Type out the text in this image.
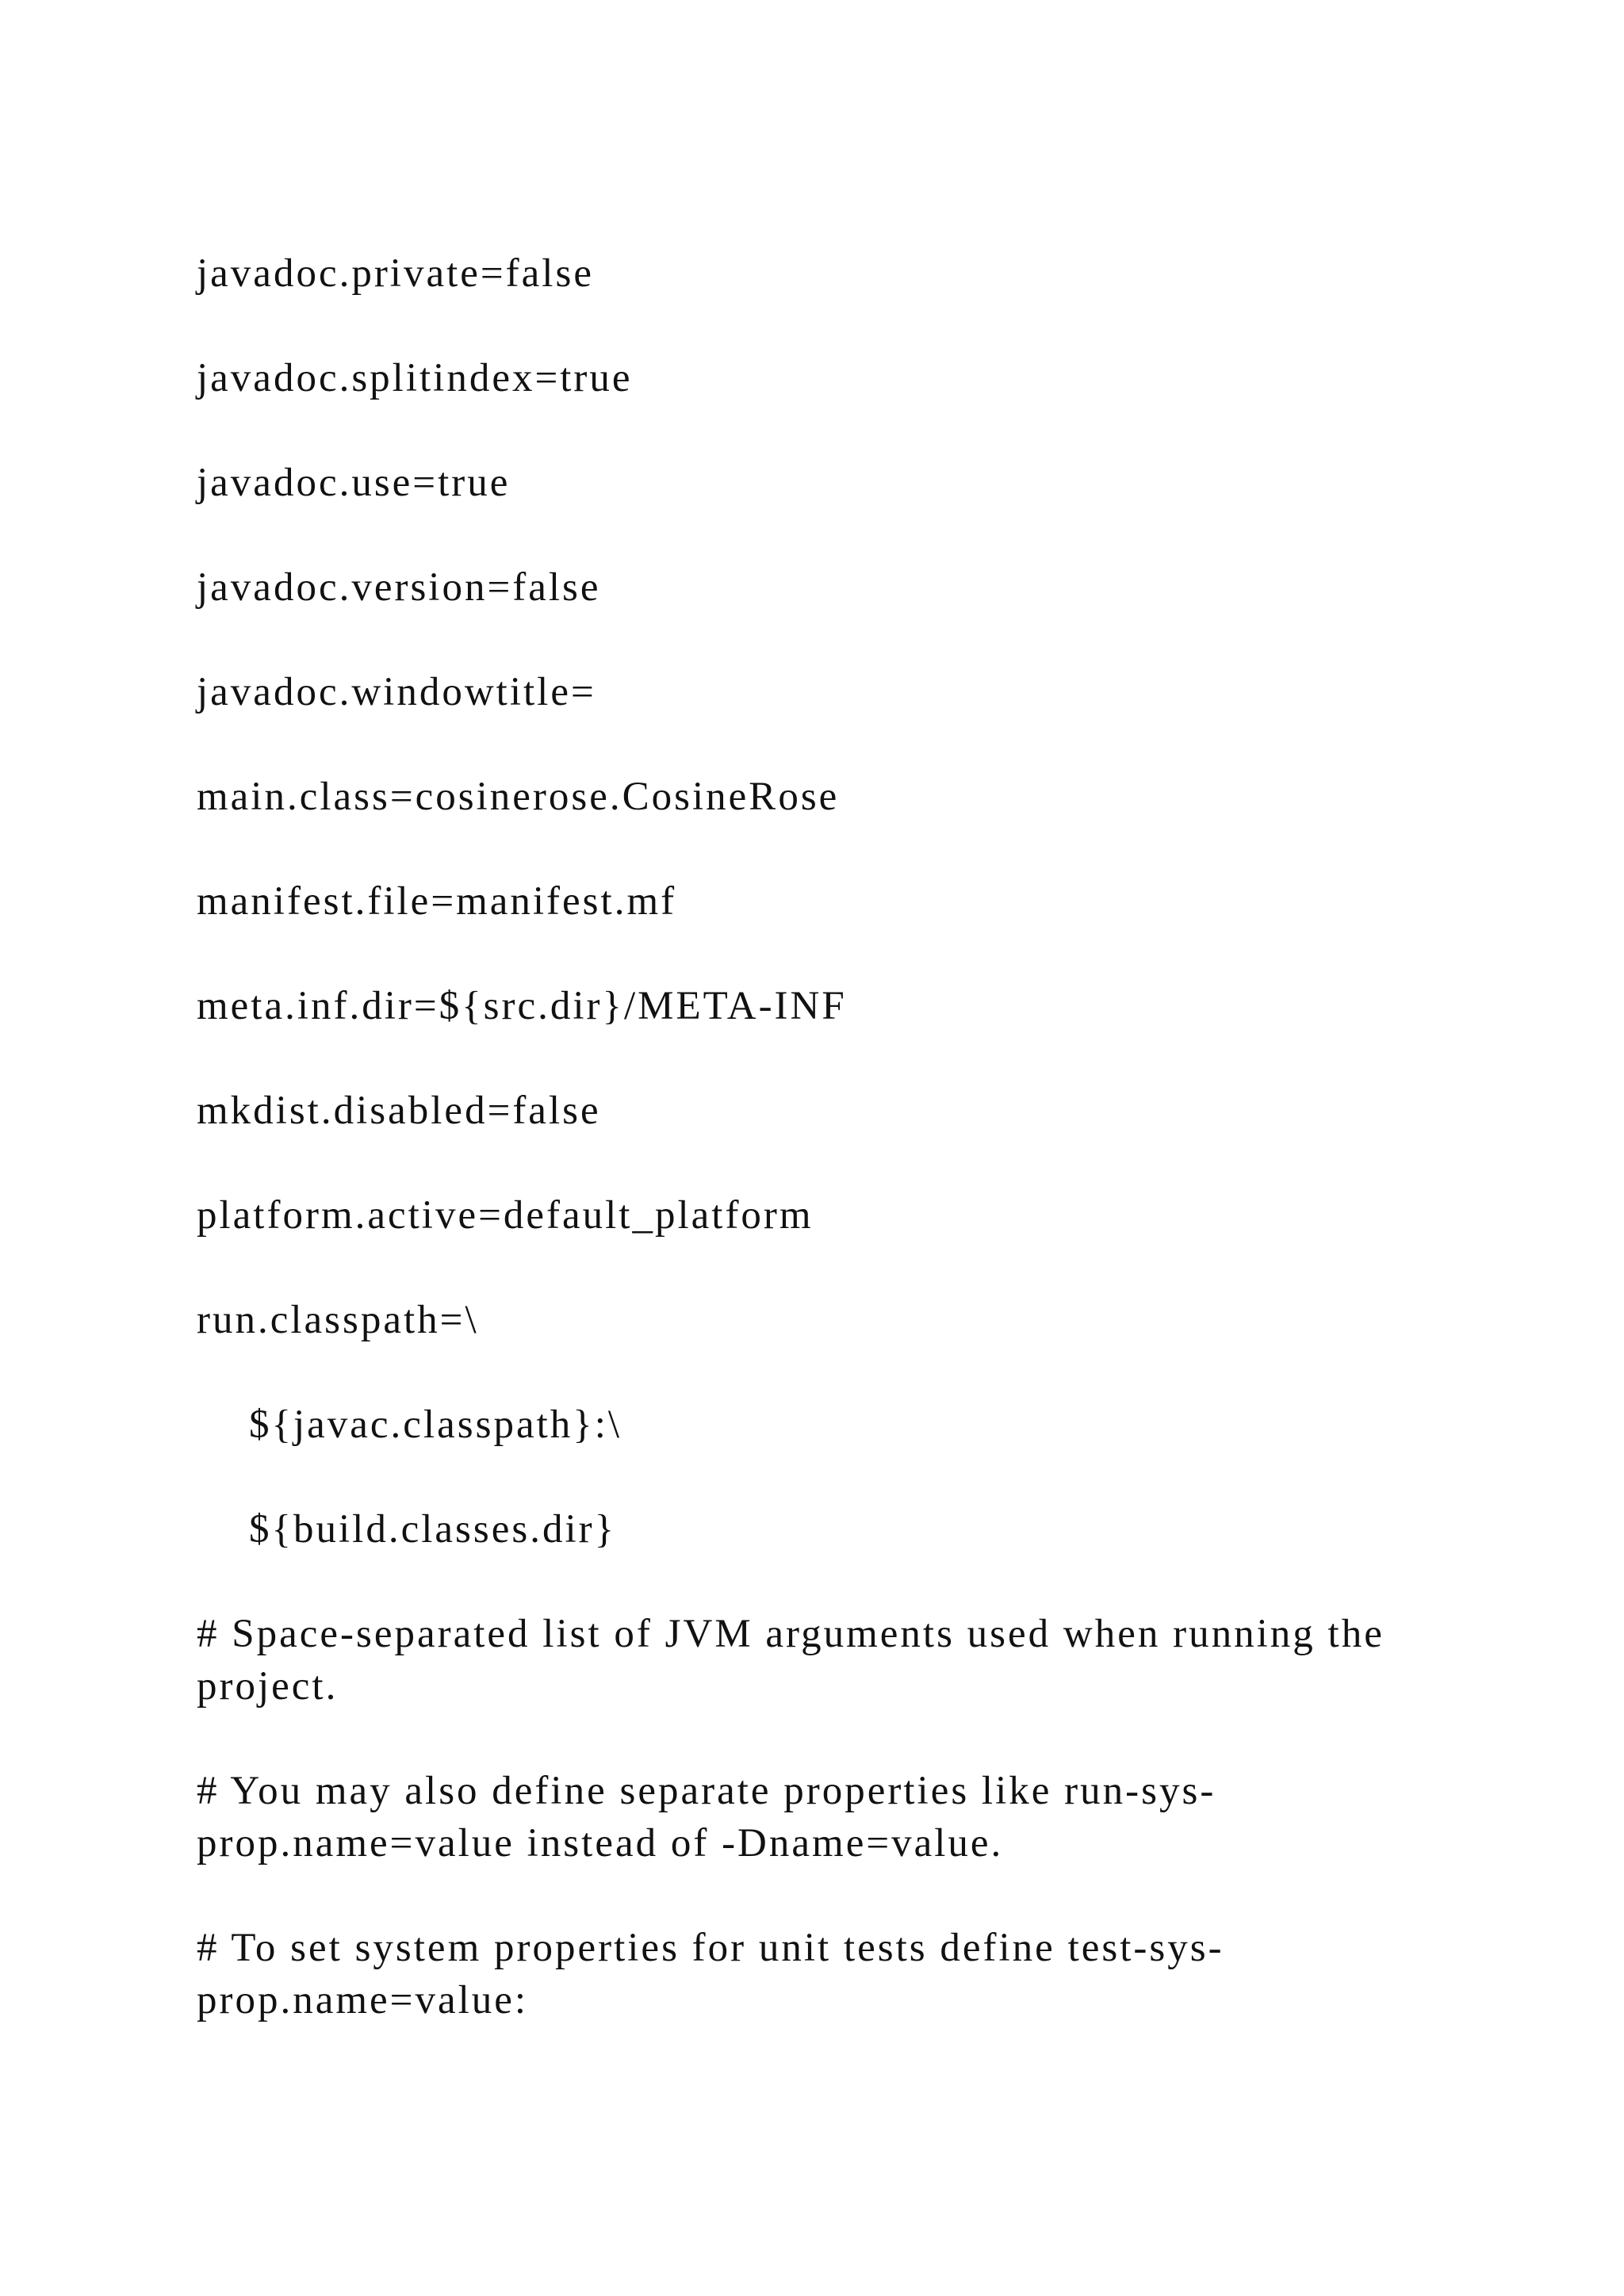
javadoc.private=false

javadoc.splitindex=true

javadoc.use=true

javadoc.version=false

javadoc.windowtitle=

main.class=cosinerose.CosineRose

manifest.file=manifest.mf

meta.inf.dir=${src.dir}/META-INF

mkdist.disabled=false

platform.active=default_platform

run.classpath=\

${javac.classpath}:\

${build.classes.dir}

# Space-separated list of JVM arguments used when running the project.

# You may also define separate properties like run-sys-prop.name=value instead of -Dname=value.

# To set system properties for unit tests define test-sys-prop.name=value:
